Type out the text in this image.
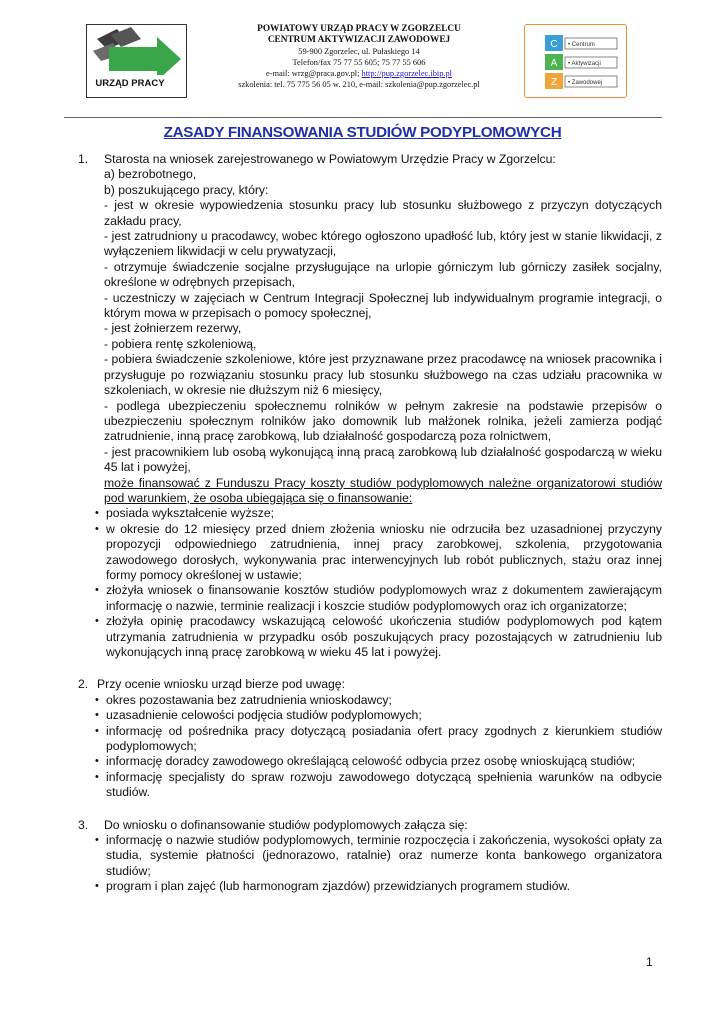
URZĄD PRACY
POWIATOWY URZĄD PRACY W ZGORZELCU
CENTRUM AKTYWIZACJI ZAWODOWEJ
59-900 Zgorzelec, ul. Pułaskiego 14
Telefon/fax 75 77 55 605; 75 77 55 606
e-mail: wrzg@praca.gov.pl; http://pup.zgorzelec.ibip.pl
szkolenia: tel. 75 775 56 05 w. 210, e-mail: szkolenia@pup.zgorzelec.pl
C
A
Z
• Centrum
• Aktywizacji
• Zawodowej
ZASADY FINANSOWANIA STUDIÓW PODYPLOMOWYCH
1. Starosta na wniosek zarejestrowanego w Powiatowym Urzędzie Pracy w Zgorzelcu:
a) bezrobotnego,
b) poszukującego pracy, który:
- jest w okresie wypowiedzenia stosunku pracy lub stosunku służbowego z przyczyn dotyczących zakładu pracy,
- jest zatrudniony u pracodawcy, wobec którego ogłoszono upadłość lub, który jest w stanie likwidacji, z wyłączeniem likwidacji w celu prywatyzacji,
- otrzymuje świadczenie socjalne przysługujące na urlopie górniczym lub górniczy zasiłek socjalny, określone w odrębnych przepisach,
- uczestniczy w zajęciach w Centrum Integracji Społecznej lub indywidualnym programie integracji, o którym mowa w przepisach o pomocy społecznej,
- jest żołnierzem rezerwy,
- pobiera rentę szkoleniową,
- pobiera świadczenie szkoleniowe, które jest przyznawane przez pracodawcę na wniosek pracownika i przysługuje po rozwiązaniu stosunku pracy lub stosunku służbowego na czas udziału pracownika w szkoleniach, w okresie nie dłuższym niż 6 miesięcy,
- podlega ubezpieczeniu społecznemu rolników w pełnym zakresie na podstawie przepisów o ubezpieczeniu społecznym rolników jako domownik lub małżonek rolnika, jeżeli zamierza podjąć zatrudnienie, inną pracę zarobkową, lub działalność gospodarczą poza rolnictwem,
- jest pracownikiem lub osobą wykonującą inną pracą zarobkową lub działalność gospodarczą w wieku 45 lat i powyżej,
może finansować z Funduszu Pracy koszty studiów podyplomowych należne organizatorowi studiów pod warunkiem, że osoba ubiegająca się o finansowanie:
• posiada wykształcenie wyższe;
• w okresie do 12 miesięcy przed dniem złożenia wniosku nie odrzuciła bez uzasadnionej przyczyny propozycji odpowiedniego zatrudnienia, innej pracy zarobkowej, szkolenia, przygotowania zawodowego dorosłych, wykonywania prac interwencyjnych lub robót publicznych, stażu oraz innej formy pomocy określonej w ustawie;
• złożyła wniosek o finansowanie kosztów studiów podyplomowych wraz z dokumentem zawierającym informację o nazwie, terminie realizacji i koszcie studiów podyplomowych oraz ich organizatorze;
• złożyła opinię pracodawcy wskazującą celowość ukończenia studiów podyplomowych pod kątem utrzymania zatrudnienia w przypadku osób poszukujących pracy pozostających w zatrudnieniu lub wykonujących inną pracę zarobkową w wieku 45 lat i powyżej.
2. Przy ocenie wniosku urząd bierze pod uwagę:
• okres pozostawania bez zatrudnienia wnioskodawcy;
• uzasadnienie celowości podjęcia studiów podyplomowych;
• informację od pośrednika pracy dotyczącą posiadania ofert pracy zgodnych z kierunkiem studiów podyplomowych;
• informację doradcy zawodowego określającą celowość odbycia przez osobę wnioskującą studiów;
• informację specjalisty do spraw rozwoju zawodowego dotyczącą spełnienia warunków na odbycie studiów.
3. Do wniosku o dofinansowanie studiów podyplomowych załącza się:
• informację o nazwie studiów podyplomowych, terminie rozpoczęcia i zakończenia, wysokości opłaty za studia, systemie płatności (jednorazowo, ratalnie) oraz numerze konta bankowego organizatora studiów;
• program i plan zajęć (lub harmonogram zjazdów) przewidzianych programem studiów.
1
